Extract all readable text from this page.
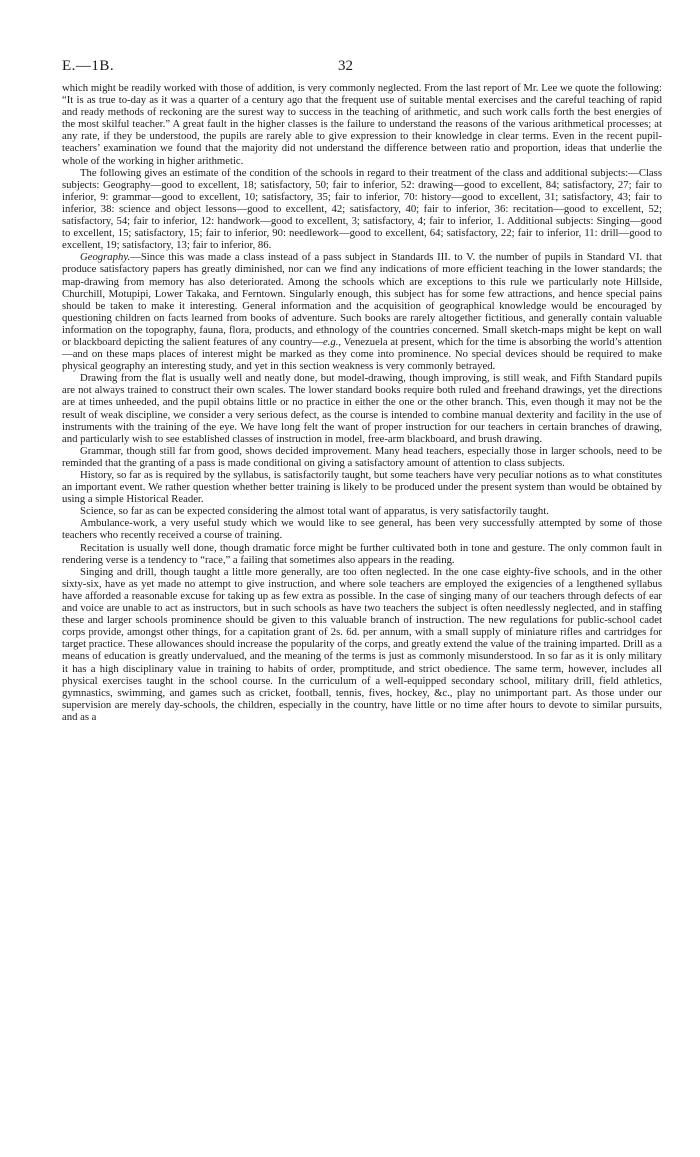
E.—1B.	32

which might be readily worked with those of addition, is very commonly neglected. From the last report of Mr. Lee we quote the following: “It is as true to-day as it was a quarter of a century ago that the frequent use of suitable mental exercises and the careful teaching of rapid and ready methods of reckoning are the surest way to success in the teaching of arithmetic, and such work calls forth the best energies of the most skilful teacher.” A great fault in the higher classes is the failure to understand the reasons of the various arithmetical processes; at any rate, if they be understood, the pupils are rarely able to give expression to their knowledge in clear terms. Even in the recent pupil-teachers’ examination we found that the majority did not understand the difference between ratio and proportion, ideas that underlie the whole of the working in higher arithmetic.

The following gives an estimate of the condition of the schools in regard to their treatment of the class and additional subjects:—Class subjects: Geography—good to excellent, 18; satisfactory, 50; fair to inferior, 52: drawing—good to excellent, 84; satisfactory, 27; fair to inferior, 9: grammar—good to excellent, 10; satisfactory, 35; fair to inferior, 70: history—good to excellent, 31; satisfactory, 43; fair to inferior, 38: science and object lessons—good to excellent, 42; satisfactory, 40; fair to inferior, 36: recitation—good to excellent, 52; satisfactory, 54; fair to inferior, 12: handwork—good to excellent, 3; satisfactory, 4; fair to inferior, 1. Additional subjects: Singing—good to excellent, 15; satisfactory, 15; fair to inferior, 90: needlework—good to excellent, 64; satisfactory, 22; fair to inferior, 11: drill—good to excellent, 19; satisfactory, 13; fair to inferior, 86.

Geography.—Since this was made a class instead of a pass subject in Standards III. to V. the number of pupils in Standard VI. that produce satisfactory papers has greatly diminished, nor can we find any indications of more efficient teaching in the lower standards; the map-drawing from memory has also deteriorated. Among the schools which are exceptions to this rule we particularly note Hillside, Churchill, Motupipi, Lower Takaka, and Ferntown. Singularly enough, this subject has for some few attractions, and hence special pains should be taken to make it interesting. General information and the acquisition of geographical knowledge would be encouraged by questioning children on facts learned from books of adventure. Such books are rarely altogether fictitious, and generally contain valuable information on the topography, fauna, flora, products, and ethnology of the countries concerned. Small sketch-maps might be kept on wall or blackboard depicting the salient features of any country—e.g., Venezuela at present, which for the time is absorbing the world’s attention—and on these maps places of interest might be marked as they come into prominence. No special devices should be required to make physical geography an interesting study, and yet in this section weakness is very commonly betrayed.

Drawing from the flat is usually well and neatly done, but model-drawing, though improving, is still weak, and Fifth Standard pupils are not always trained to construct their own scales. The lower standard books require both ruled and freehand drawings, yet the directions are at times unheeded, and the pupil obtains little or no practice in either the one or the other branch. This, even though it may not be the result of weak discipline, we consider a very serious defect, as the course is intended to combine manual dexterity and facility in the use of instruments with the training of the eye. We have long felt the want of proper instruction for our teachers in certain branches of drawing, and particularly wish to see established classes of instruction in model, free-arm blackboard, and brush drawing.

Grammar, though still far from good, shows decided improvement. Many head teachers, especially those in larger schools, need to be reminded that the granting of a pass is made conditional on giving a satisfactory amount of attention to class subjects.

History, so far as is required by the syllabus, is satisfactorily taught, but some teachers have very peculiar notions as to what constitutes an important event. We rather question whether better training is likely to be produced under the present system than would be obtained by using a simple Historical Reader.

Science, so far as can be expected considering the almost total want of apparatus, is very satisfactorily taught.

Ambulance-work, a very useful study which we would like to see general, has been very successfully attempted by some of those teachers who recently received a course of training.

Recitation is usually well done, though dramatic force might be further cultivated both in tone and gesture. The only common fault in rendering verse is a tendency to “race,” a failing that sometimes also appears in the reading.

Singing and drill, though taught a little more generally, are too often neglected. In the one case eighty-five schools, and in the other sixty-six, have as yet made no attempt to give instruction, and where sole teachers are employed the exigencies of a lengthened syllabus have afforded a reasonable excuse for taking up as few extra as possible. In the case of singing many of our teachers through defects of ear and voice are unable to act as instructors, but in such schools as have two teachers the subject is often needlessly neglected, and in staffing these and larger schools prominence should be given to this valuable branch of instruction. The new regulations for public-school cadet corps provide, amongst other things, for a capitation grant of 2s. 6d. per annum, with a small supply of miniature rifles and cartridges for target practice. These allowances should increase the popularity of the corps, and greatly extend the value of the training imparted. Drill as a means of education is greatly undervalued, and the meaning of the terms is just as commonly misunderstood. In so far as it is only military it has a high disciplinary value in training to habits of order, promptitude, and strict obedience. The same term, however, includes all physical exercises taught in the school course. In the curriculum of a well-equipped secondary school, military drill, field athletics, gymnastics, swimming, and games such as cricket, football, tennis, fives, hockey, &c., play no unimportant part. As those under our supervision are merely day-schools, the children, especially in the country, have little or no time after hours to devote to similar pursuits, and as a
